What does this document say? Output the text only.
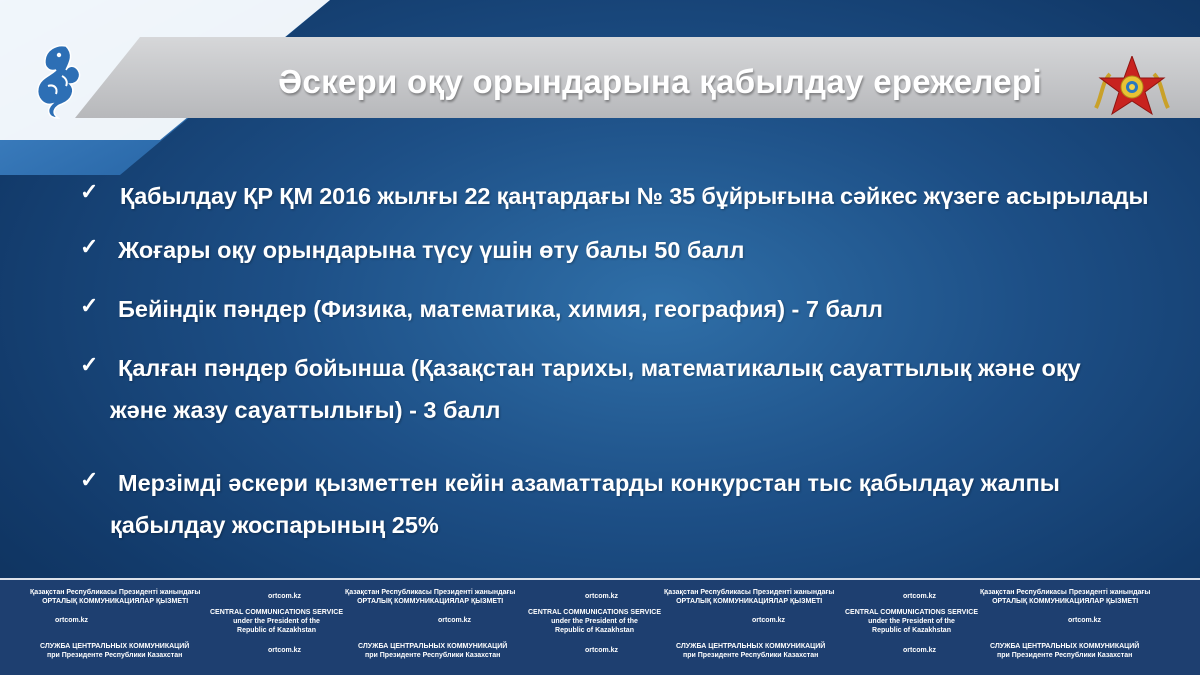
Әскери оқу орындарына қабылдау ережелері
✓ Қабылдау ҚР ҚМ 2016 жылғы 22 қаңтардағы № 35 бұйрығына сәйкес жүзеге асырылады
✓ Жоғары оқу орындарына түсу үшін өту балы 50 балл
✓ Бейіндік пәндер (Физика, математика, химия, география) - 7 балл
✓ Қалған пәндер бойынша (Қазақстан тарихы, математикалық сауаттылық және оқу
және жазу сауаттылығы) - 3 балл
✓ Мерзімді әскери қызметтен кейін азаматтарды конкурстан тыс қабылдау жалпы
қабылдау жоспарының 25%
Қазақстан Республикасы Президенті жанындағы
ОРТАЛЫҚ КОММУНИКАЦИЯЛАР ҚЫЗМЕТІ
ortcom.kz
Қазақстан Республикасы Президенті жанындағы
ОРТАЛЫҚ КОММУНИКАЦИЯЛАР ҚЫЗМЕТІ
ortcom.kz
Қазақстан Республикасы Президенті жанындағы
ОРТАЛЫҚ КОММУНИКАЦИЯЛАР ҚЫЗМЕТІ
ortcom.kz
Қазақстан Республикасы Президенті жанындағы
ОРТАЛЫҚ КОММУНИКАЦИЯЛАР ҚЫЗМЕТІ
ortcom.kz
CENTRAL COMMUNICATIONS SERVICE
under the President of the
Republic of Kazakhstan
ortcom.kz
CENTRAL COMMUNICATIONS SERVICE
under the President of the
Republic of Kazakhstan
ortcom.kz
CENTRAL COMMUNICATIONS SERVICE
under the President of the
Republic of Kazakhstan
ortcom.kz
СЛУЖБА ЦЕНТРАЛЬНЫХ КОММУНИКАЦИЙ
при Президенте Республики Казахстан
ortcom.kz
СЛУЖБА ЦЕНТРАЛЬНЫХ КОММУНИКАЦИЙ
при Президенте Республики Казахстан
ortcom.kz
СЛУЖБА ЦЕНТРАЛЬНЫХ КОММУНИКАЦИЙ
при Президенте Республики Казахстан
ortcom.kz
СЛУЖБА ЦЕНТРАЛЬНЫХ КОММУНИКАЦИЙ
при Президенте Республики Казахстан
